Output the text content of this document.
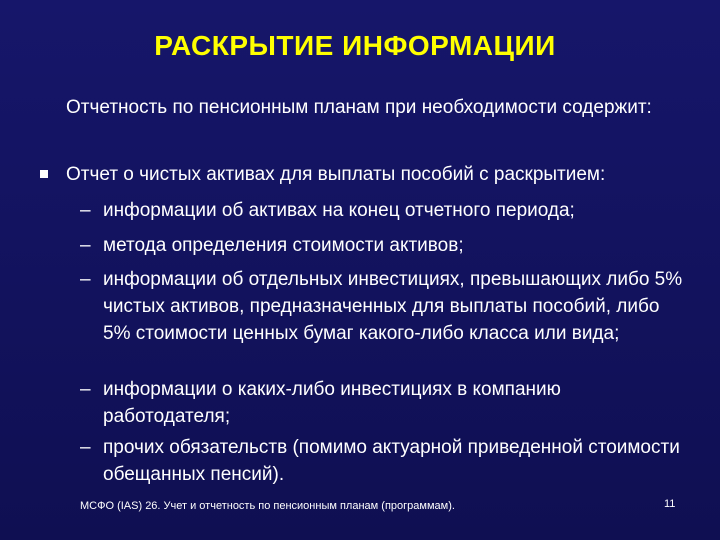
РАСКРЫТИЕ ИНФОРМАЦИИ
Отчетность по пенсионным планам при необходимости содержит:
Отчет о чистых активах для выплаты пособий с раскрытием:
– информации об активах на конец отчетного периода;
– метода определения стоимости активов;
– информации об отдельных инвестициях, превышающих либо 5% чистых активов, предназначенных для выплаты пособий, либо 5% стоимости ценных бумаг какого-либо класса или вида;
– информации о каких-либо инвестициях в компанию работодателя;
– прочих обязательств (помимо актуарной приведенной стоимости обещанных пенсий).
МСФО (IAS) 26. Учет и отчетность по пенсионным планам (программам).	11
